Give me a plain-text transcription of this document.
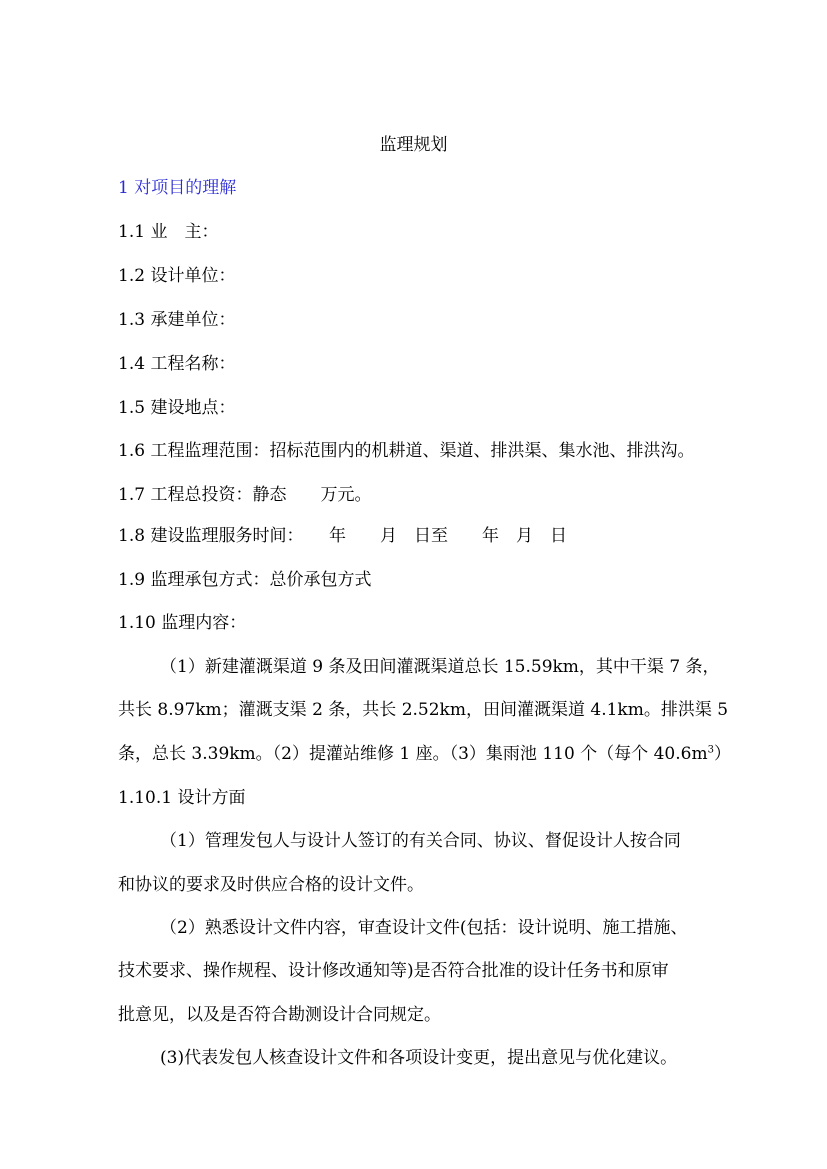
监理规划
1 对项目的理解
1.1 业　主：
1.2 设计单位：
1.3 承建单位：
1.4 工程名称：
1.5 建设地点：
1.6 工程监理范围：招标范围内的机耕道、渠道、排洪渠、集水池、排洪沟。
1.7 工程总投资：静态　　万元。
1.8 建设监理服务时间：　　年　　月　日至　　年　月　日
1.9 监理承包方式：总价承包方式
1.10 监理内容：
（1）新建灌溉渠道 9 条及田间灌溉渠道总长 15.59km，其中干渠 7 条，
共长 8.97km；灌溉支渠 2 条，共长 2.52km，田间灌溉渠道 4.1km。排洪渠 5
条，总长 3.39km。（2）提灌站维修 1 座。（3）集雨池 110 个（每个 $40.6m^3$）
1.10.1 设计方面
（1）管理发包人与设计人签订的有关合同、协议、督促设计人按合同
和协议的要求及时供应合格的设计文件。
（2）熟悉设计文件内容，审查设计文件(包括：设计说明、施工措施、
技术要求、操作规程、设计修改通知等)是否符合批准的设计任务书和原审
批意见，以及是否符合勘测设计合同规定。
(3)代表发包人核查设计文件和各项设计变更，提出意见与优化建议。
